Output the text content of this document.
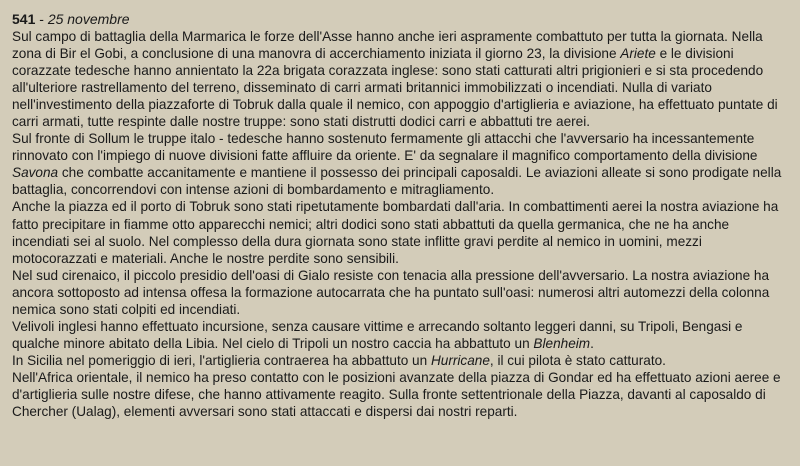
541 - 25 novembre

Sul campo di battaglia della Marmarica le forze dell'Asse hanno anche ieri aspramente combattuto per tutta la giornata. Nella zona di Bir el Gobi, a conclusione di una manovra di accerchiamento iniziata il giorno 23, la divisione Ariete e le divisioni corazzate tedesche hanno annientato la 22a brigata corazzata inglese: sono stati catturati altri prigionieri e si sta procedendo all'ulteriore rastrellamento del terreno, disseminato di carri armati britannici immobilizzati o incendiati. Nulla di variato nell'investimento della piazzaforte di Tobruk dalla quale il nemico, con appoggio d'artiglieria e aviazione, ha effettuato puntate di carri armati, tutte respinte dalle nostre truppe: sono stati distrutti dodici carri e abbattuti tre aerei.

Sul fronte di Sollum le truppe italo - tedesche hanno sostenuto fermamente gli attacchi che l'avversario ha incessantemente rinnovato con l'impiego di nuove divisioni fatte affluire da oriente. E' da segnalare il magnifico comportamento della divisione Savona che combatte accanitamente e mantiene il possesso dei principali caposaldi. Le aviazioni alleate si sono prodigate nella battaglia, concorrendovi con intense azioni di bombardamento e mitragliamento.

Anche la piazza ed il porto di Tobruk sono stati ripetutamente bombardati dall'aria. In combattimenti aerei la nostra aviazione ha fatto precipitare in fiamme otto apparecchi nemici; altri dodici sono stati abbattuti da quella germanica, che ne ha anche incendiati sei al suolo. Nel complesso della dura giornata sono state inflitte gravi perdite al nemico in uomini, mezzi motocorazzati e materiali. Anche le nostre perdite sono sensibili.

Nel sud cirenaico, il piccolo presidio dell'oasi di Gialo resiste con tenacia alla pressione dell'avversario. La nostra aviazione ha ancora sottoposto ad intensa offesa la formazione autocarrata che ha puntato sull'oasi: numerosi altri automezzi della colonna nemica sono stati colpiti ed incendiati.

Velivoli inglesi hanno effettuato incursione, senza causare vittime e arrecando soltanto leggeri danni, su Tripoli, Bengasi e qualche minore abitato della Libia. Nel cielo di Tripoli un nostro caccia ha abbattuto un Blenheim.

In Sicilia nel pomeriggio di ieri, l'artiglieria contraerea ha abbattuto un Hurricane, il cui pilota è stato catturato.

Nell'Africa orientale, il nemico ha preso contatto con le posizioni avanzate della piazza di Gondar ed ha effettuato azioni aeree e d'artiglieria sulle nostre difese, che hanno attivamente reagito. Sulla fronte settentrionale della Piazza, davanti al caposaldo di Chercher (Ualag), elementi avversari sono stati attaccati e dispersi dai nostri reparti.
